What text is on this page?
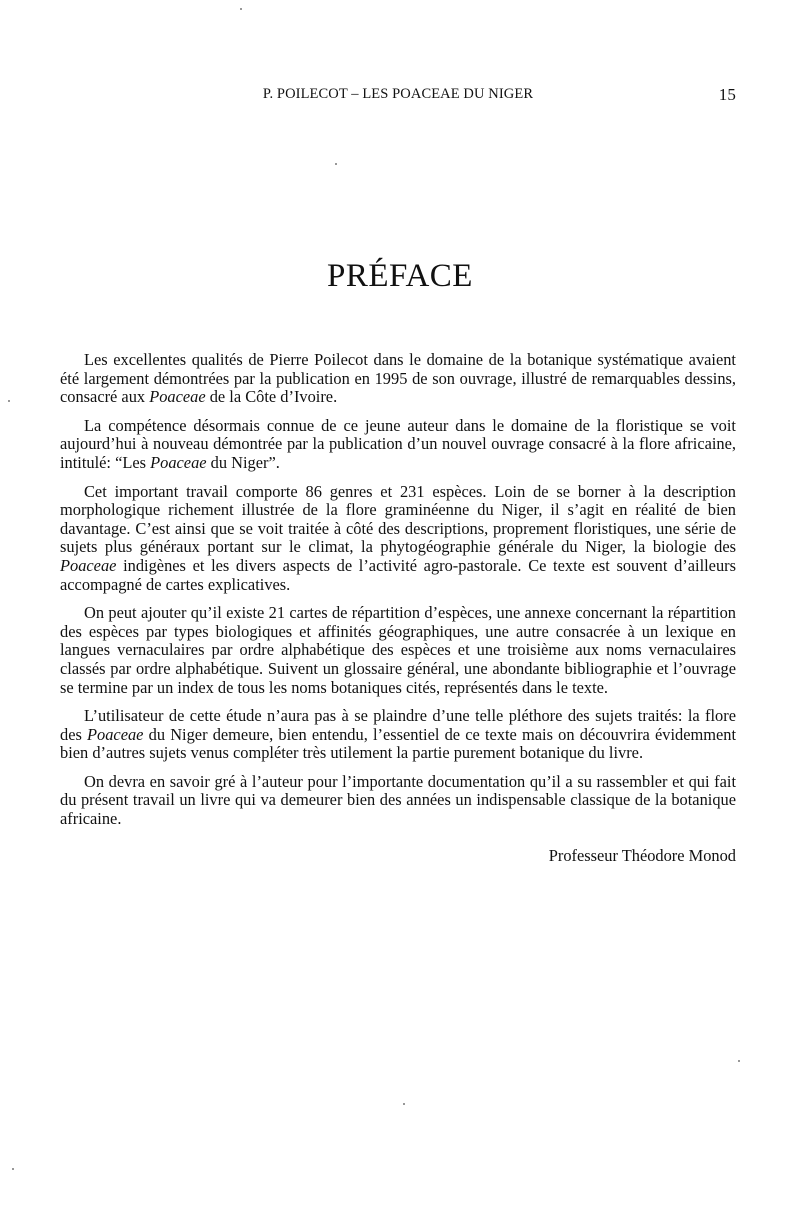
P. POILECOT – LES POACEAE DU NIGER	15
PRÉFACE

Les excellentes qualités de Pierre Poilecot dans le domaine de la botanique systématique avaient été largement démontrées par la publication en 1995 de son ouvrage, illustré de remarquables dessins, consacré aux Poaceae de la Côte d’Ivoire.

La compétence désormais connue de ce jeune auteur dans le domaine de la floristique se voit aujourd’hui à nouveau démontrée par la publication d’un nouvel ouvrage consacré à la flore africaine, intitulé: “Les Poaceae du Niger”.

Cet important travail comporte 86 genres et 231 espèces. Loin de se borner à la description morphologique richement illustrée de la flore graminéenne du Niger, il s’agit en réalité de bien davantage. C’est ainsi que se voit traitée à côté des descriptions, proprement floristiques, une série de sujets plus généraux portant sur le climat, la phytogéographie générale du Niger, la biologie des Poaceae indigènes et les divers aspects de l’activité agro-pastorale. Ce texte est souvent d’ailleurs accompagné de cartes explicatives.

On peut ajouter qu’il existe 21 cartes de répartition d’espèces, une annexe concernant la répartition des espèces par types biologiques et affinités géographiques, une autre consacrée à un lexique en langues vernaculaires par ordre alphabétique des espèces et une troisième aux noms vernaculaires classés par ordre alphabétique. Suivent un glossaire général, une abondante bibliographie et l’ouvrage se termine par un index de tous les noms botaniques cités, représentés dans le texte.

L’utilisateur de cette étude n’aura pas à se plaindre d’une telle pléthore des sujets traités: la flore des Poaceae du Niger demeure, bien entendu, l’essentiel de ce texte mais on découvrira évidemment bien d’autres sujets venus compléter très utilement la partie purement botanique du livre.

On devra en savoir gré à l’auteur pour l’importante documentation qu’il a su rassembler et qui fait du présent travail un livre qui va demeurer bien des années un indispensable classique de la botanique africaine.

Professeur Théodore Monod
